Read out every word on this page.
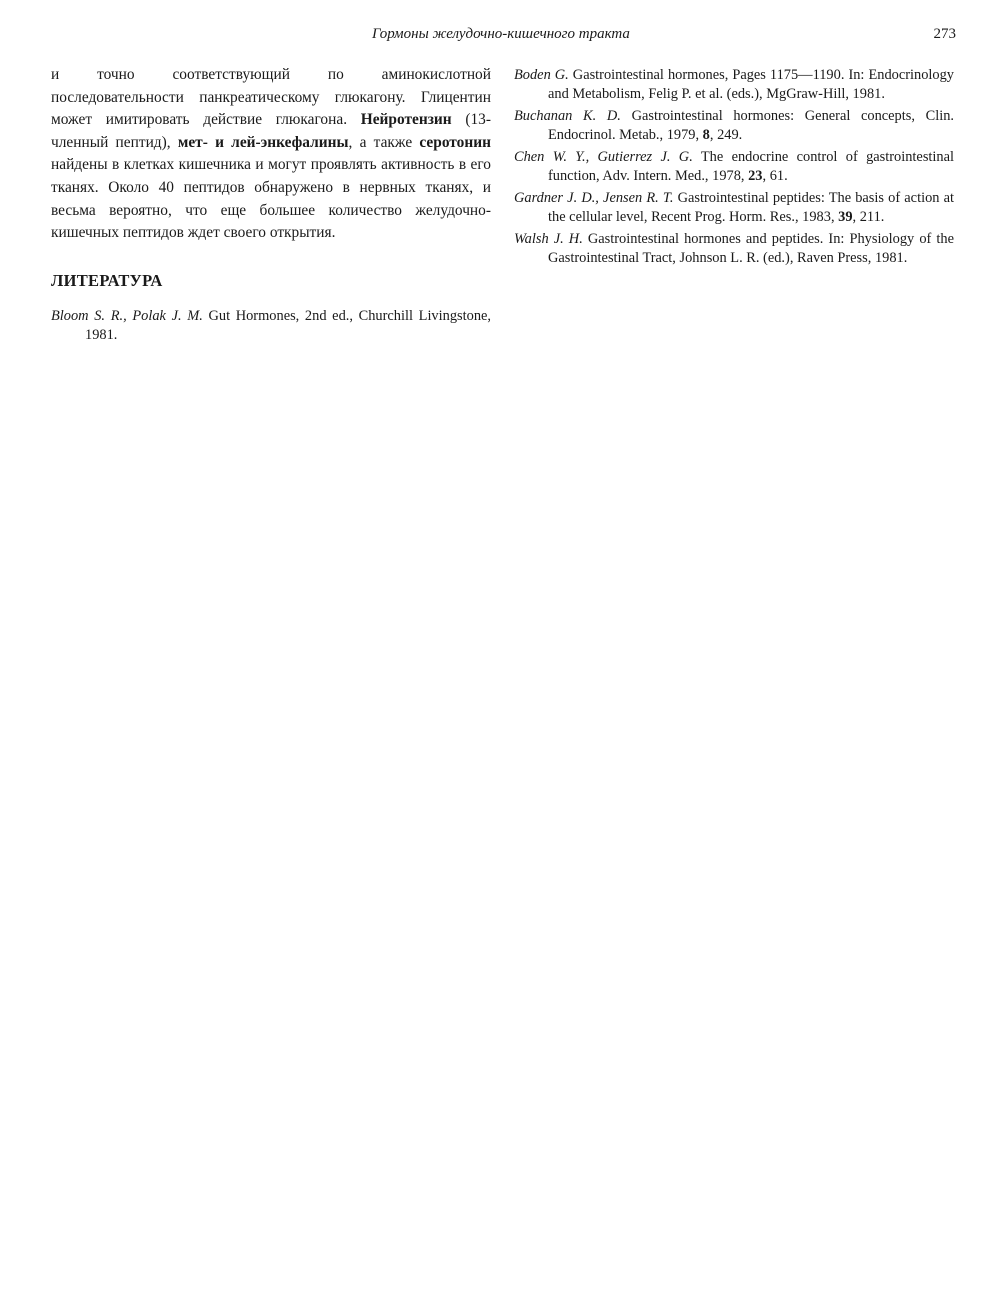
Гормоны желудочно-кишечного тракта	273

и точно соответствующий по аминокислотной последовательности панкреатическому глюкагону. Глицентин может имитировать действие глюкагона. Нейротензин (13-членный пептид), мет- и лей-энкефалины, а также серотонин найдены в клетках кишечника и могут проявлять активность в его тканях. Около 40 пептидов обнаружено в нервных тканях, и весьма вероятно, что еще большее количество желудочно-кишечных пептидов ждет своего открытия.

ЛИТЕРАТУРА
Bloom S. R., Polak J. M. Gut Hormones, 2nd ed., Churchill Livingstone, 1981.
Boden G. Gastrointestinal hormones, Pages 1175—1190. In: Endocrinology and Metabolism, Felig P. et al. (eds.), MgGraw-Hill, 1981.
Buchanan K. D. Gastrointestinal hormones: General concepts, Clin. Endocrinol. Metab., 1979, 8, 249.
Chen W. Y., Gutierrez J. G. The endocrine control of gastrointestinal function, Adv. Intern. Med., 1978, 23, 61.
Gardner J. D., Jensen R. T. Gastrointestinal peptides: The basis of action at the cellular level, Recent Prog. Horm. Res., 1983, 39, 211.
Walsh J. H. Gastrointestinal hormones and peptides. In: Physiology of the Gastrointestinal Tract, Johnson L. R. (ed.), Raven Press, 1981.
